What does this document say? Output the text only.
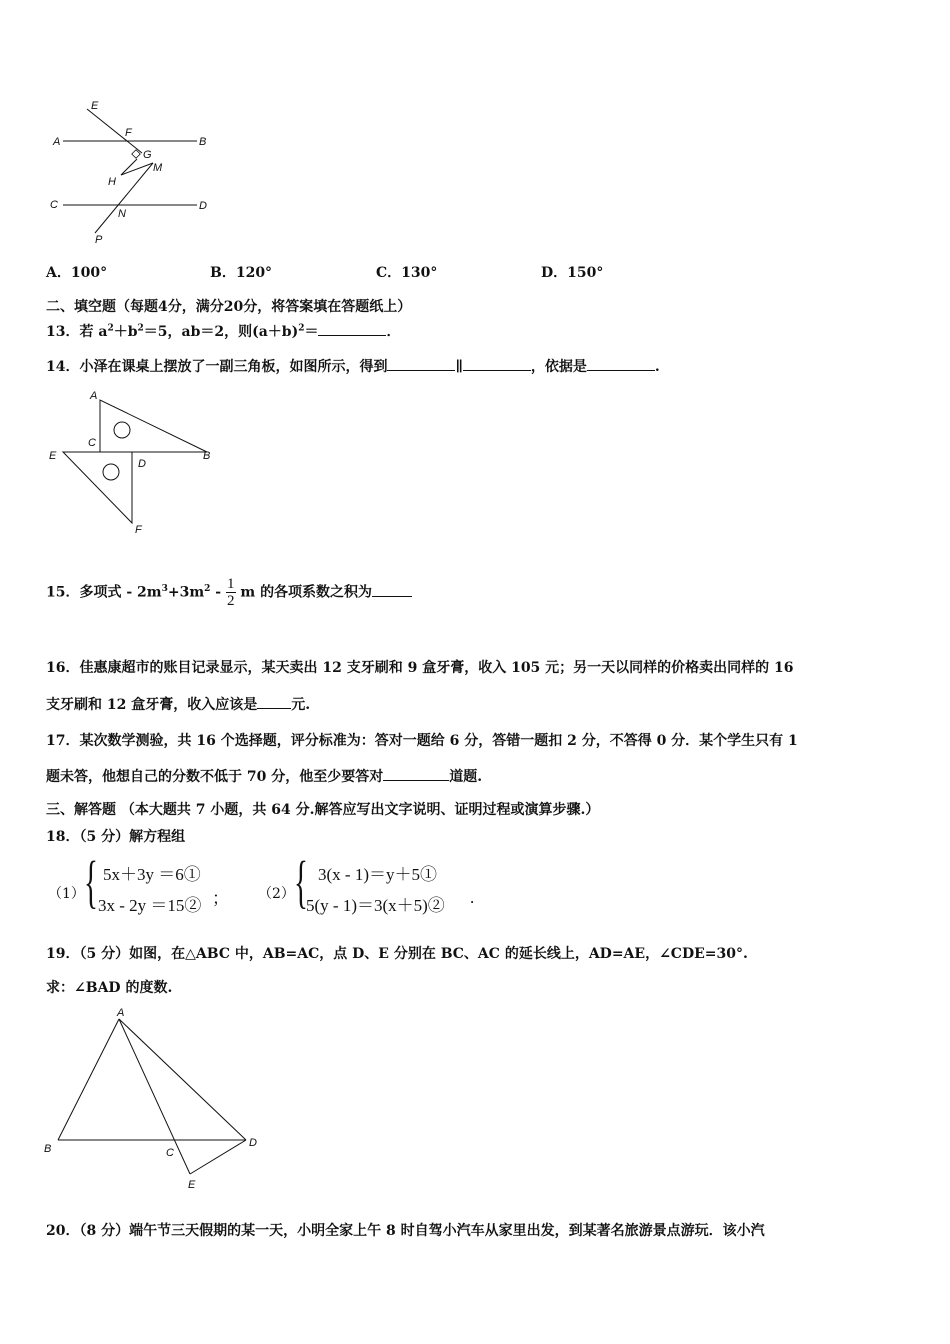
E
A
F
B
G
M
H
C
N
D
P
A．100°	B．120°	C．130°	D．150°
二、填空题（每题4分，满分20分，将答案填在答题纸上）
13．若 $a^2+b^2=5$，ab＝2，则$(a+b)^2=$	．
14．小泽在课桌上摆放了一副三角板，如图所示，得到	∥	，依据是	.
A
C
E
D
B
F
15．多项式 - $2m^3+3m^2 - \frac{1}{2}$ m 的各项系数之积为
16．佳惠康超市的账目记录显示，某天卖出 12 支牙刷和 9 盒牙膏，收入 105 元；另一天以同样的价格卖出同样的 16
支牙刷和 12 盒牙膏，收入应该是 元.
17．某次数学测验，共 16 个选择题，评分标准为：答对一题给 6 分，答错一题扣 2 分，不答得 0 分．某个学生只有 1
题未答，他想自己的分数不低于 70 分，他至少要答对	道题.
三、解答题 （本大题共 7 小题，共 64 分.解答应写出文字说明、证明过程或演算步骤.）
18．（5 分）解方程组
（1） { 5x＋3y ＝6①
3x - 2y ＝15② ； （2） { 3(x - 1)＝y＋5①
5(y - 1)＝3(x＋5)② .
19．（5 分）如图，在△ABC 中，AB=AC，点 D、E 分别在 BC、AC 的延长线上，AD=AE，∠CDE=30°.
求：∠BAD 的度数.
A
B	C
D
E
20．（8 分）端午节三天假期的某一天，小明全家上午 8 时自驾小汽车从家里出发，到某著名旅游景点游玩．该小汽
